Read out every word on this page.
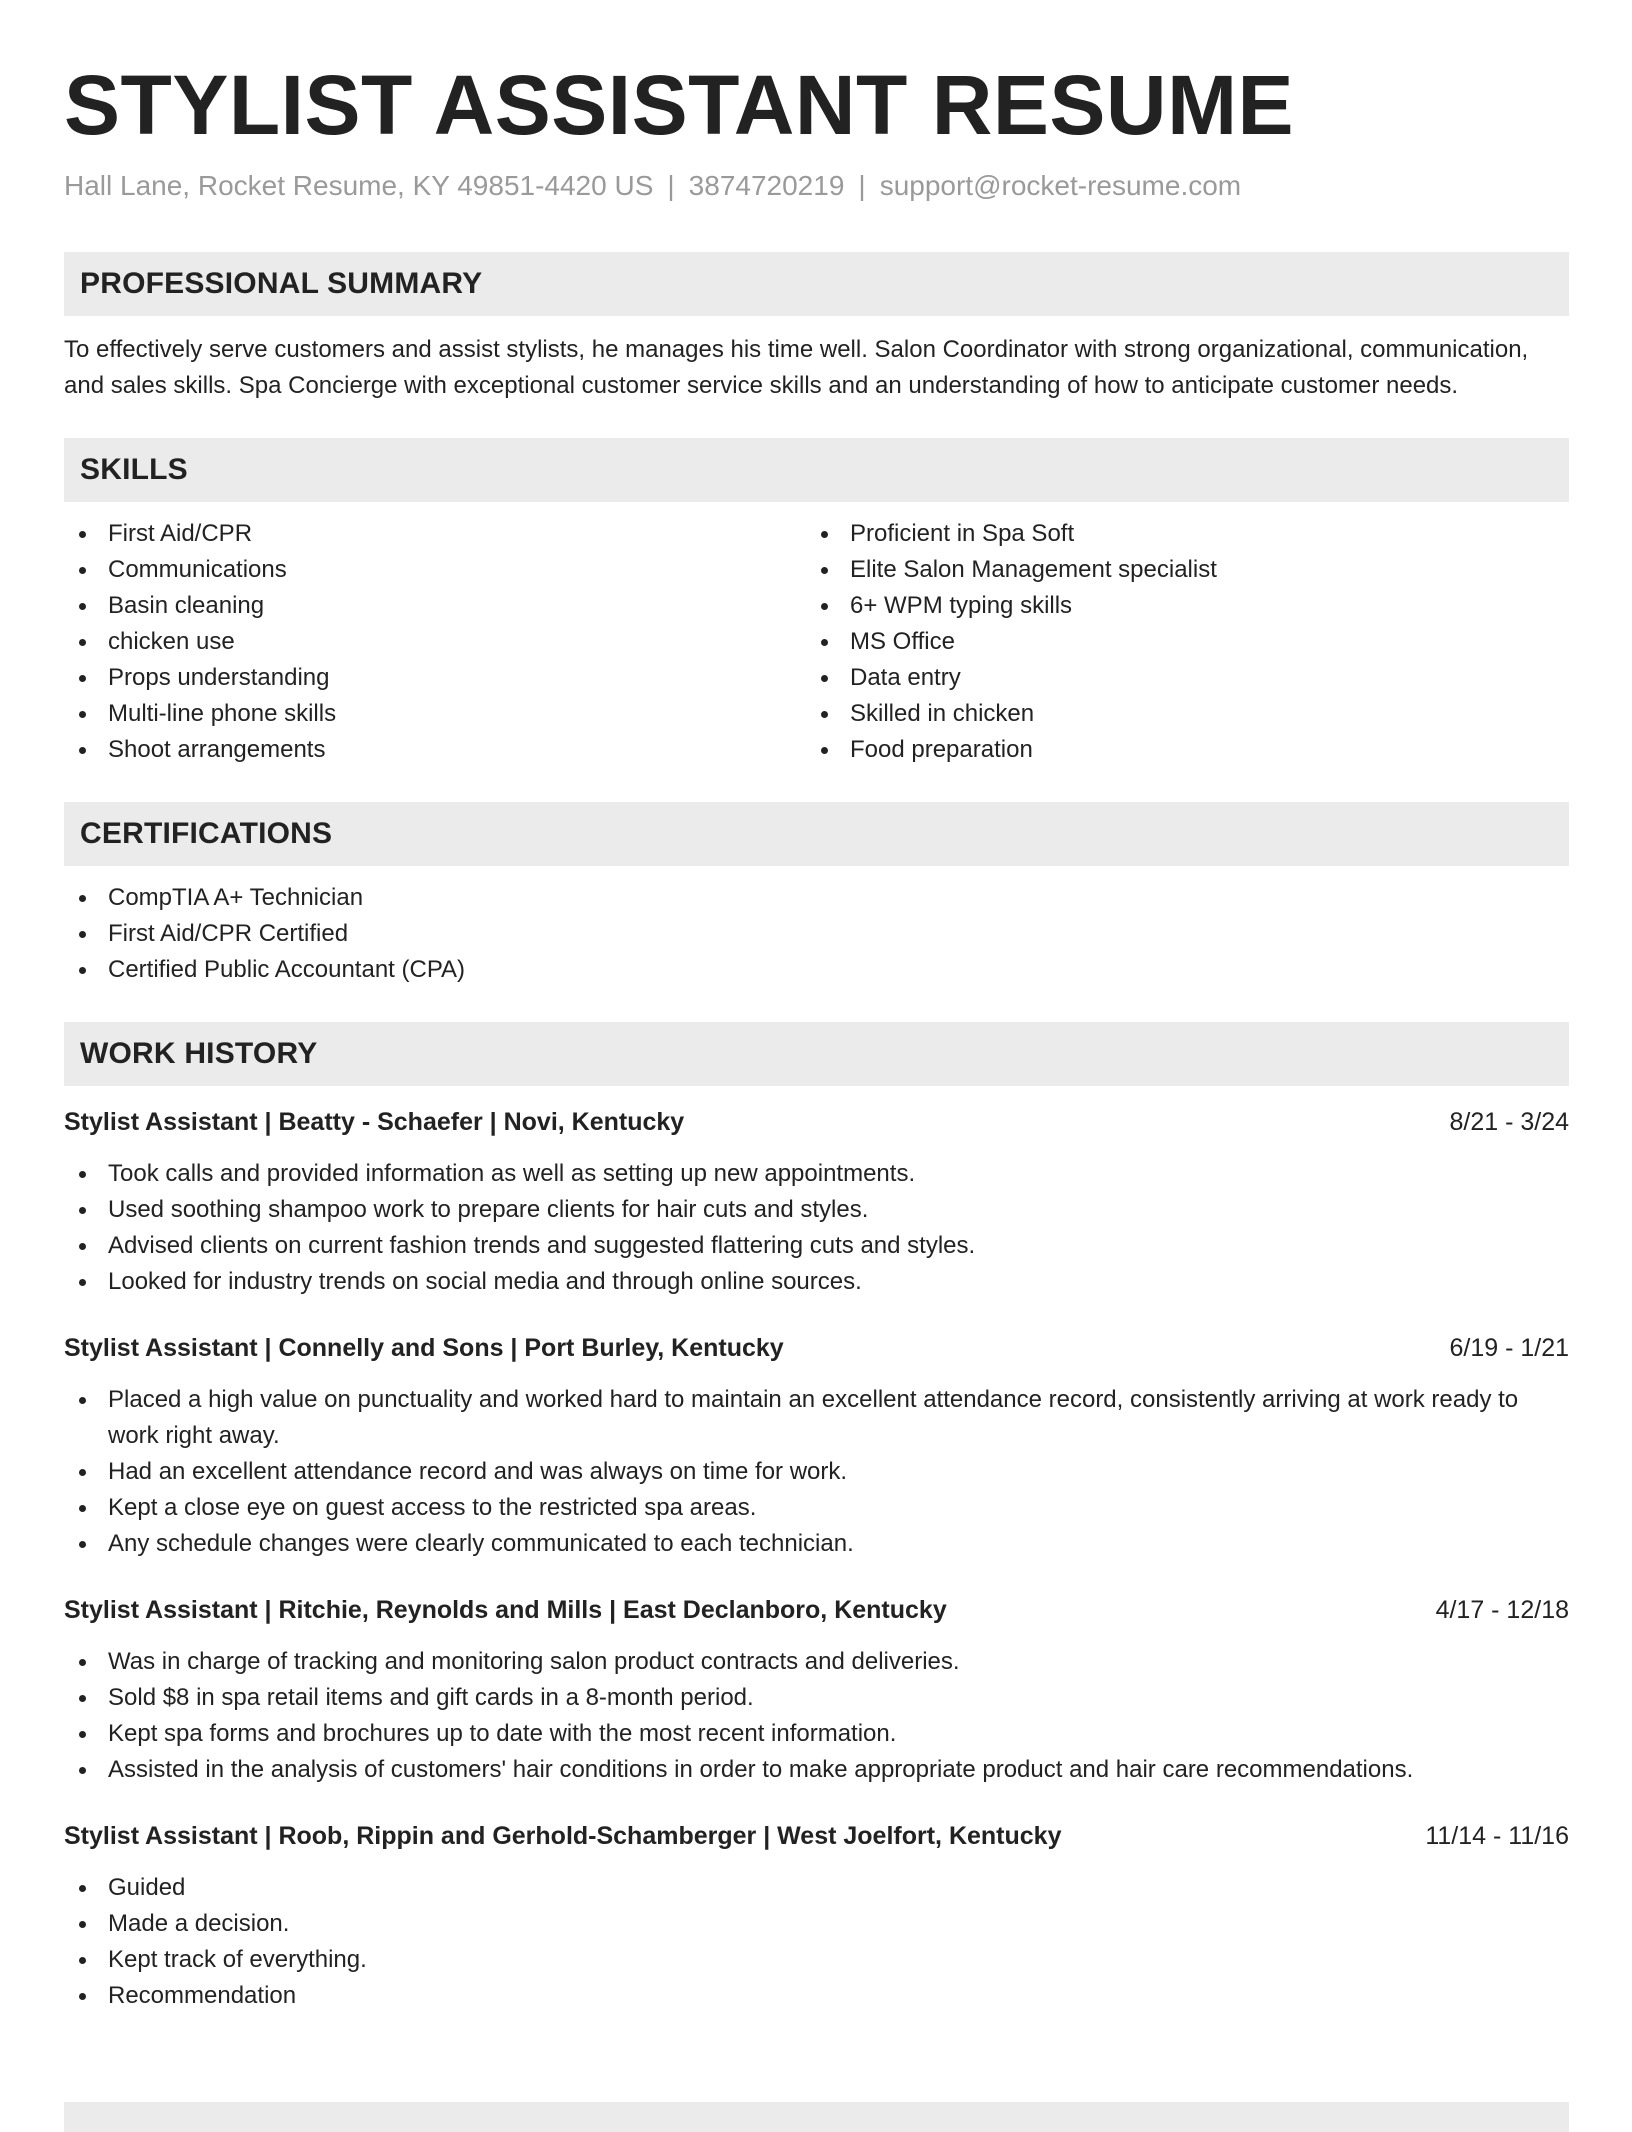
STYLIST ASSISTANT RESUME
Hall Lane, Rocket Resume, KY 49851-4420 US | 3874720219 | support@rocket-resume.com
PROFESSIONAL SUMMARY

To effectively serve customers and assist stylists, he manages his time well. Salon Coordinator with strong organizational, communication, and sales skills. Spa Concierge with exceptional customer service skills and an understanding of how to anticipate customer needs.

SKILLS
First Aid/CPR
Communications
Basin cleaning
chicken use
Props understanding
Multi-line phone skills
Shoot arrangements
Proficient in Spa Soft
Elite Salon Management specialist
6+ WPM typing skills
MS Office
Data entry
Skilled in chicken
Food preparation
CERTIFICATIONS
CompTIA A+ Technician
First Aid/CPR Certified
Certified Public Accountant (CPA)
WORK HISTORY
Stylist Assistant | Beatty - Schaefer | Novi, Kentucky	8/21 - 3/24
Took calls and provided information as well as setting up new appointments.
Used soothing shampoo work to prepare clients for hair cuts and styles.
Advised clients on current fashion trends and suggested flattering cuts and styles.
Looked for industry trends on social media and through online sources.
Stylist Assistant | Connelly and Sons | Port Burley, Kentucky	6/19 - 1/21
Placed a high value on punctuality and worked hard to maintain an excellent attendance record, consistently arriving at work ready to work right away.
Had an excellent attendance record and was always on time for work.
Kept a close eye on guest access to the restricted spa areas.
Any schedule changes were clearly communicated to each technician.
Stylist Assistant | Ritchie, Reynolds and Mills | East Declanboro, Kentucky	4/17 - 12/18
Was in charge of tracking and monitoring salon product contracts and deliveries.
Sold $8 in spa retail items and gift cards in a 8-month period.
Kept spa forms and brochures up to date with the most recent information.
Assisted in the analysis of customers' hair conditions in order to make appropriate product and hair care recommendations.
Stylist Assistant | Roob, Rippin and Gerhold-Schamberger | West Joelfort, Kentucky	11/14 - 11/16
Guided
Made a decision.
Kept track of everything.
Recommendation
